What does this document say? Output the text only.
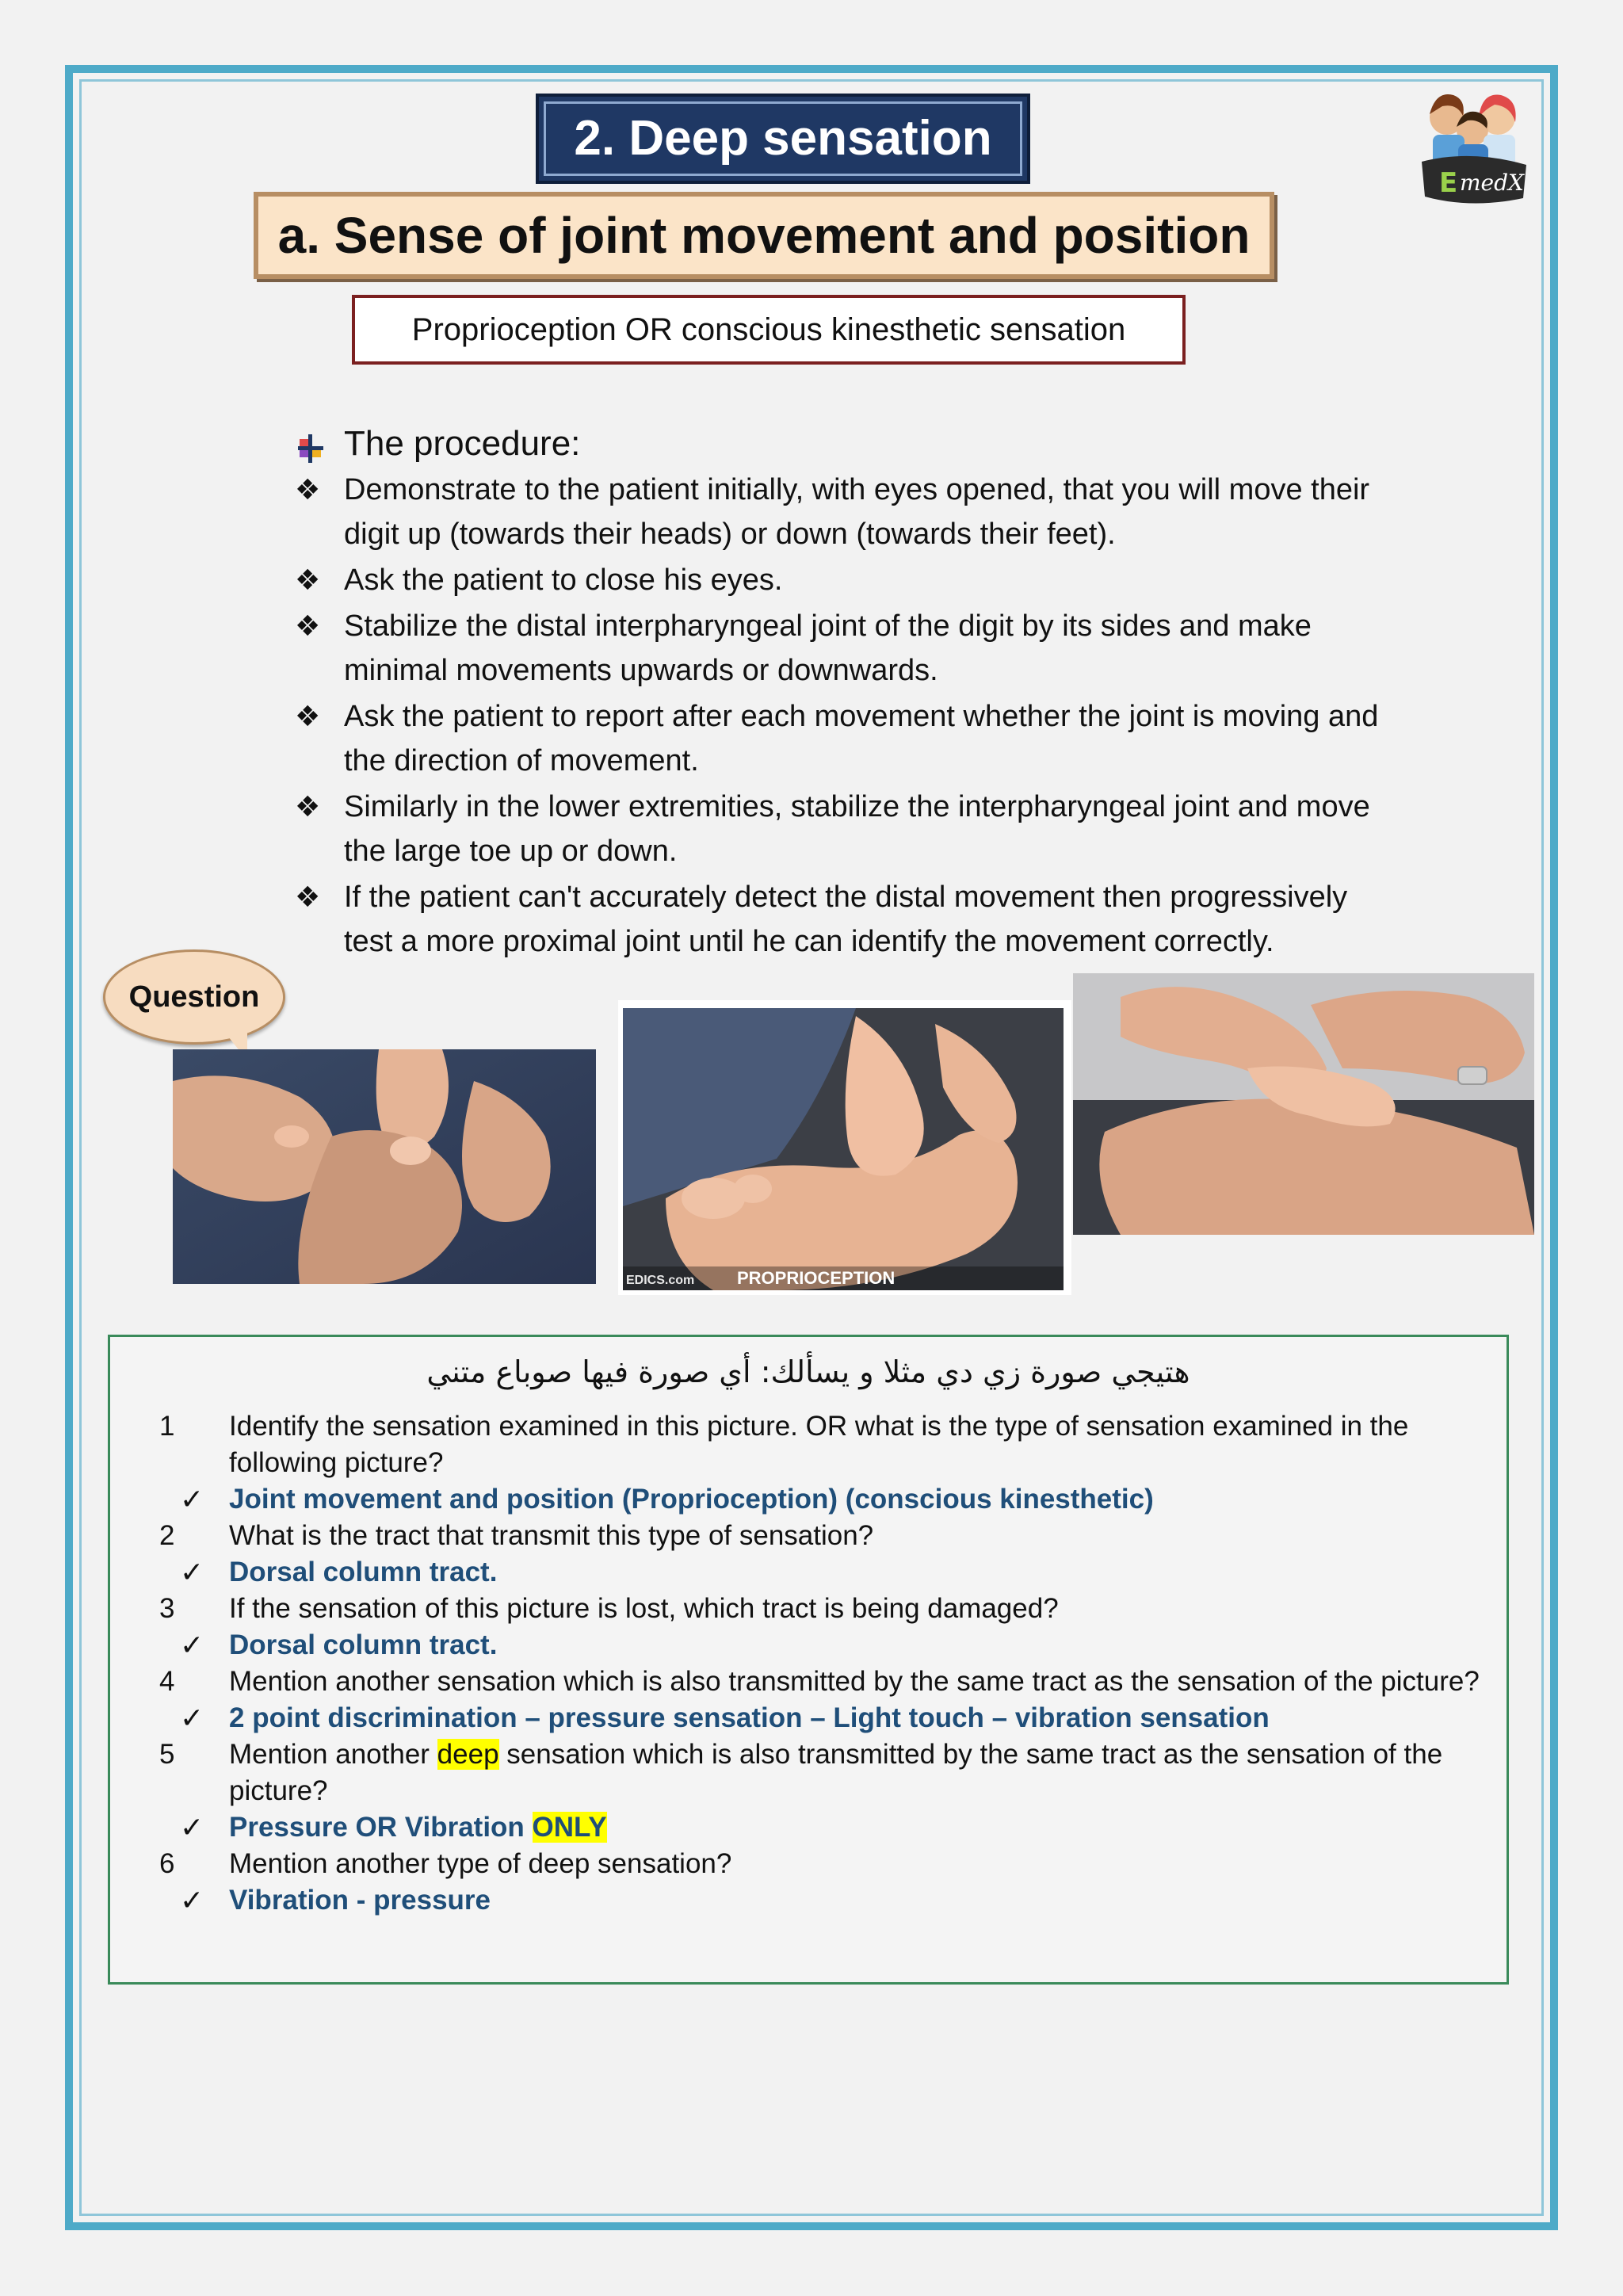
2. Deep sensation
E medX
a. Sense of joint movement and position
Proprioception OR conscious kinesthetic sensation
The procedure:
❖ Demonstrate to the patient initially, with eyes opened, that you will move their digit up (towards their heads) or down (towards their feet).
❖ Ask the patient to close his eyes.
❖ Stabilize the distal interpharyngeal joint of the digit by its sides and make minimal movements upwards or downwards.
❖ Ask the patient to report after each movement whether the joint is moving and the direction of movement.
❖ Similarly in the lower extremities, stabilize the interpharyngeal joint and move the large toe up or down.
❖ If the patient can't accurately detect the distal movement then progressively test a more proximal joint until he can identify the movement correctly.
Question
EDICS.com PROPRIOCEPTION
هتيجي صورة زي دي مثلا و يسألك: أي صورة فيها صوباع متني
1	Identify the sensation examined in this picture. OR what is the type of sensation examined in the following picture?
✓ Joint movement and position (Proprioception) (conscious kinesthetic)
2	What is the tract that transmit this type of sensation?
✓ Dorsal column tract.
3	If the sensation of this picture is lost, which tract is being damaged?
✓ Dorsal column tract.
4	Mention another sensation which is also transmitted by the same tract as the sensation of the picture?
✓ 2 point discrimination – pressure sensation – Light touch – vibration sensation
5	Mention another deep sensation which is also transmitted by the same tract as the sensation of the picture?
✓ Pressure OR Vibration ONLY
6	Mention another type of deep sensation?
✓ Vibration - pressure
